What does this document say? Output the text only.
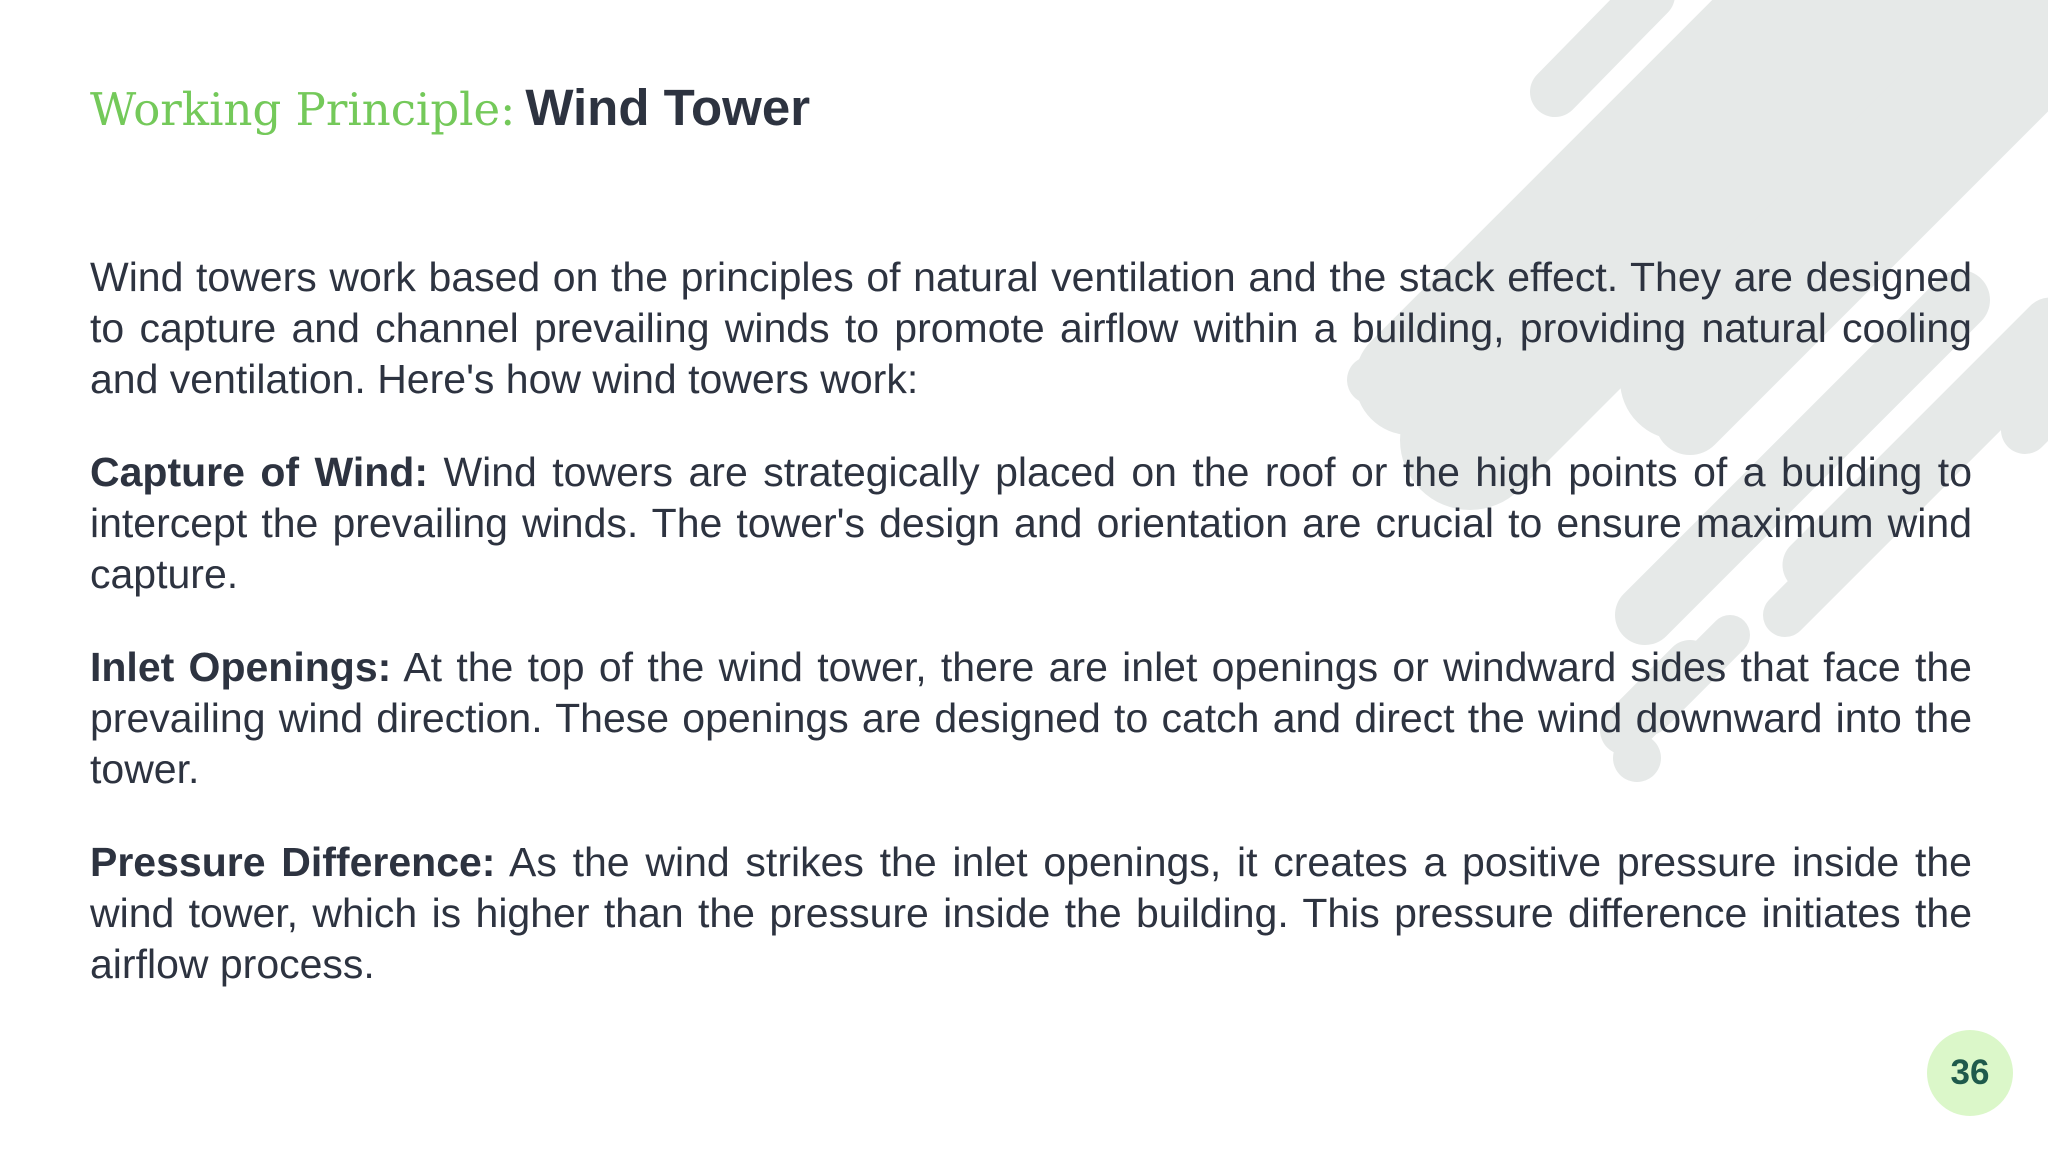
Working Principle: Wind Tower

Wind towers work based on the principles of natural ventilation and the stack effect. They are designed to capture and channel prevailing winds to promote airflow within a building, providing natural cooling and ventilation. Here's how wind towers work:

Capture of Wind: Wind towers are strategically placed on the roof or the high points of a building to intercept the prevailing winds. The tower's design and orientation are crucial to ensure maximum wind capture.

Inlet Openings: At the top of the wind tower, there are inlet openings or windward sides that face the prevailing wind direction. These openings are designed to catch and direct the wind downward into the tower.

Pressure Difference: As the wind strikes the inlet openings, it creates a positive pressure inside the wind tower, which is higher than the pressure inside the building. This pressure difference initiates the airflow process.

36
